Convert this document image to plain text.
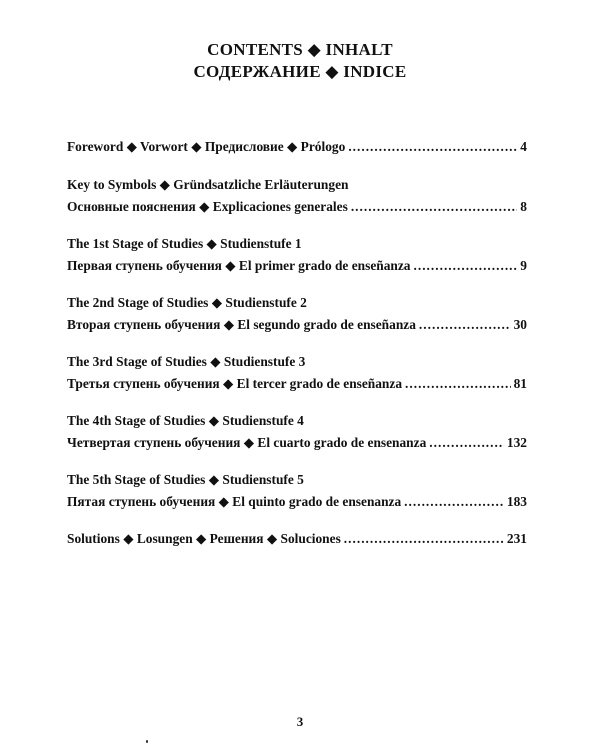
CONTENTS ◆ INHALT
СОДЕРЖАНИЕ ◆ INDICE
Foreword ◆ Vorwort ◆ Предисловие ◆ Prólogo .....	4
Key to Symbols ◆ Gründsatzliche Erläuterungen
Основные пояснения ◆ Explicaciones generales .....	8
The 1st Stage of Studies ◆ Studienstufe 1
Первая ступень обучения ◆ El primer grado de enseñanza .....	9
The 2nd Stage of Studies ◆ Studienstufe 2
Вторая ступень обучения ◆ El segundo grado de enseñanza .....	30
The 3rd Stage of Studies ◆ Studienstufe 3
Третья ступень обучения ◆ El tercer grado de enseñanza .....	81
The 4th Stage of Studies ◆ Studienstufe 4
Четвертая ступень обучения ◆ El cuarto grado de ensenanza .....	132
The 5th Stage of Studies ◆ Studienstufe 5
Пятая ступень обучения ◆ El quinto grado de ensenanza .....	183
Solutions ◆ Losungen ◆ Решения ◆ Soluciones .....	231
3
